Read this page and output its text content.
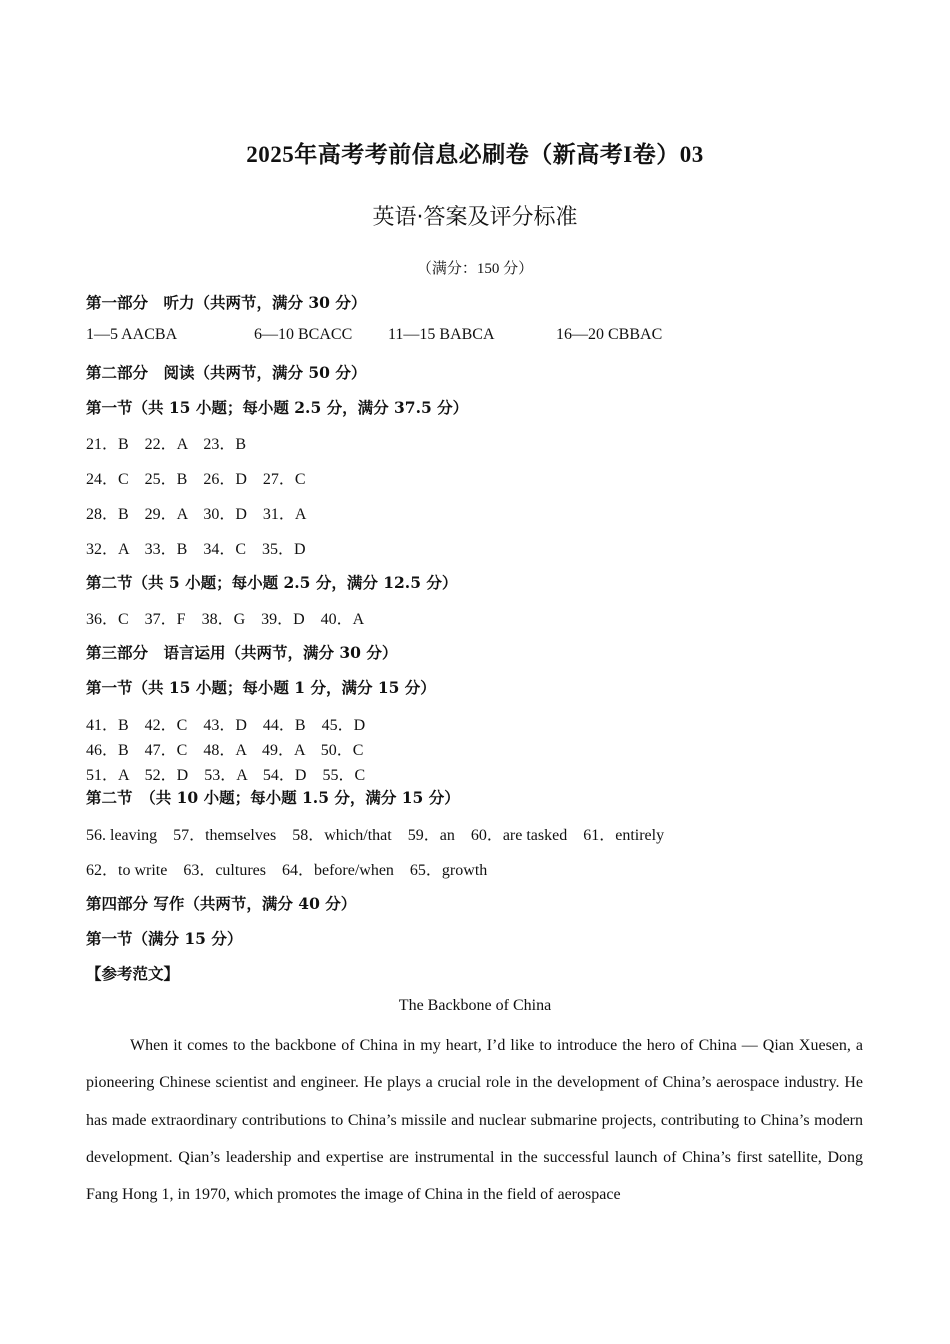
2025年高考考前信息必刷卷（新高考I卷）03
英语·答案及评分标准
（满分：150 分）
第一部分　听力（共两节，满分 30 分）
1—5 AACBA	6—10 BCACC 11—15 BABCA	16—20 CBBAC
第二部分　阅读（共两节，满分 50 分）
第一节（共 15 小题；每小题 2.5 分，满分 37.5 分）
21．B　22．A　23．B
24．C　25．B　26．D　27．C
28．B　29．A　30．D　31．A
32．A　33．B　34．C　35．D
第二节（共 5 小题；每小题 2.5 分，满分 12.5 分）
36．C　37．F　38．G　39．D　40．A
第三部分　语言运用（共两节，满分 30 分）
第一节（共 15 小题；每小题 1 分，满分 15 分）
41．B　42．C　43．D　44．B　45．D
46．B　47．C　48．A　49．A　50．C
51．A　52．D　53．A　54．D　55．C
第二节　（共 10 小题；每小题 1.5 分，满分 15 分）
56. leaving　57．themselves　58．which/that　59．an　60．are tasked　61．entirely
62．to write　63．cultures　64．before/when　65．growth
第四部分 写作（共两节，满分 40 分）
第一节（满分 15 分）
【参考范文】
The Backbone of China
When it comes to the backbone of China in my heart, I’d like to introduce the hero of China — Qian Xuesen, a pioneering Chinese scientist and engineer. He plays a crucial role in the development of China’s aerospace industry. He has made extraordinary contributions to China’s missile and nuclear submarine projects, contributing to China’s modern development. Qian’s leadership and expertise are instrumental in the successful launch of China’s first satellite, Dong Fang Hong 1, in 1970, which promotes the image of China in the field of aerospace
